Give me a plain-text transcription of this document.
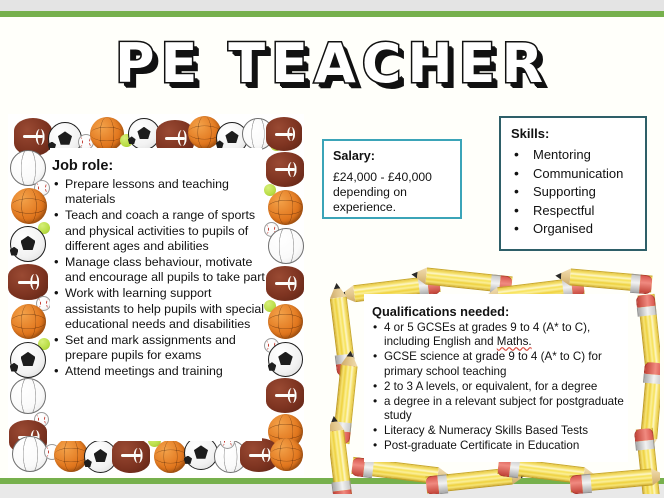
PE TEACHER
Job role:
• Prepare lessons and teaching materials
• Teach and coach a range of sports and physical activities to pupils of different ages and abilities
• Manage class behaviour, motivate and encourage all pupils to take part
• Work with learning support assistants to help pupils with special educational needs and disabilities
• Set and mark assignments and prepare pupils for exams
• Attend meetings and training
Salary:
£24,000 - £40,000 depending on experience.
Skills:
• Mentoring
• Communication
• Supporting
• Respectful
• Organised
Qualifications needed:
• 4 or 5 GCSEs at grades 9 to 4 (A* to C), including English and Maths.
• GCSE science at grade 9 to 4 (A* to C) for primary school teaching
• 2 to 3 A levels, or equivalent, for a degree
• a degree in a relevant subject for postgraduate study
• Literacy & Numeracy Skills Based Tests
• Post-graduate Certificate in Education
